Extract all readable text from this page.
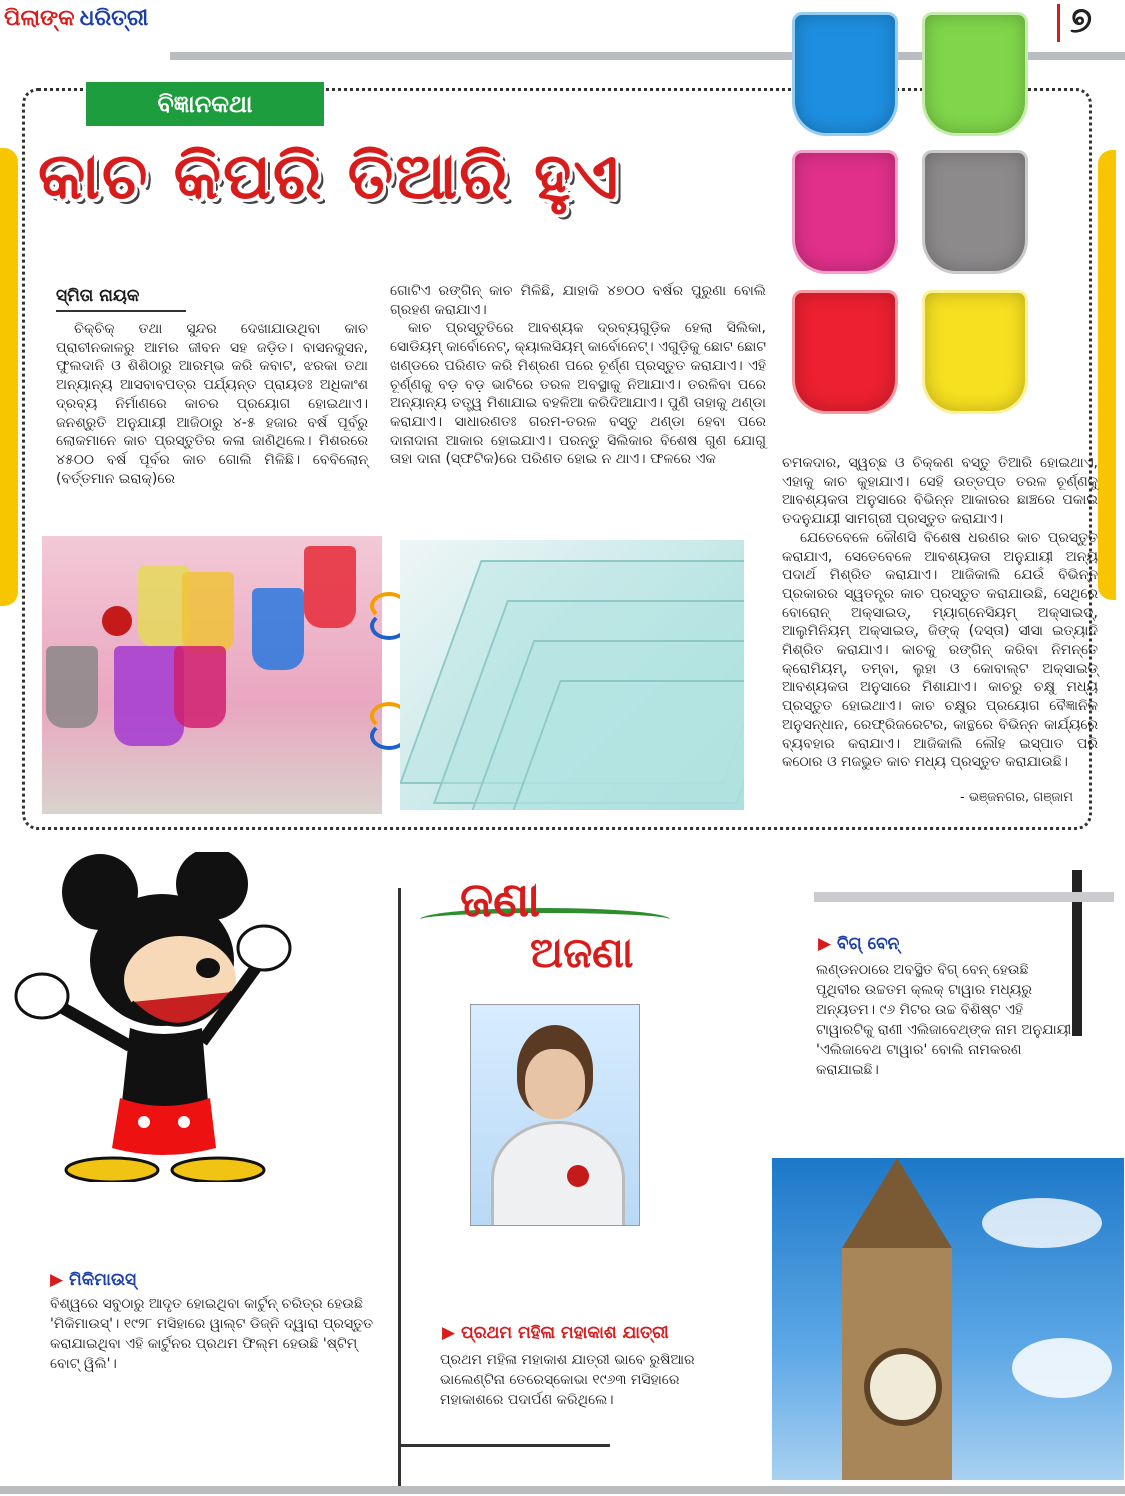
ପିଲାଙ୍କ ଧରିତ୍ରୀ	୭
ବିଜ୍ଞାନକଥା
କାଚ କିପରି ତିଆରି ହୁଏ
ସ୍ମିତା ନାୟକ

ଚିକ୍‌ଚିକ୍ ତଥା ସୁନ୍ଦର ଦେଖାଯାଉଥିବା କାଚ ପ୍ରାଚୀନକାଳରୁ ଆମର ଜୀବନ ସହ ଜଡ଼ିତ। ବାସନକୁସନ, ଫୁଲଦାନି ଓ ଶିଶିଠାରୁ ଆରମ୍ଭ କରି କବାଟ, ଝରକା ତଥା ଅନ୍ୟାନ୍ୟ ଆସବାବପତ୍ର ପର୍ଯ୍ୟନ୍ତ ପ୍ରାୟତଃ ଅଧିକାଂଶ ଦ୍ରବ୍ୟ ନିର୍ମାଣରେ କାଚର ପ୍ରୟୋଗ ହୋଇଥାଏ। ଜନଶ୍ରୁତି ଅନୁଯାୟୀ ଆଜିଠାରୁ ୪-୫ ହଜାର ବର୍ଷ ପୂର୍ବରୁ ଲୋକମାନେ କାଚ ପ୍ରସ୍ତୁତିର କଳା ଜାଣିଥିଲେ। ମିଶରରେ ୪୫୦୦ ବର୍ଷ ପୂର୍ବର କାଚ ଗୋଲି ମିଳିଛି। ବେବିଲୋନ୍ (ବର୍ତ୍ତମାନ ଇରାକ୍)ରେ

ଗୋଟିଏ ରଙ୍ଗିନ୍ କାଚ ମିଳିଛି, ଯାହାକି ୪୭୦୦ ବର୍ଷର ପୁରୁଣା ବୋଲି ଗ୍ରହଣ କରାଯାଏ।

କାଚ ପ୍ରସ୍ତୁତିରେ ଆବଶ୍ୟକ ଦ୍ରବ୍ୟଗୁଡ଼ିକ ହେଲା ସିଲିକା, ସୋଡିୟମ୍ କାର୍ବୋନେଟ୍, କ୍ୟାଲସିୟମ୍ କାର୍ବୋନେଟ୍। ଏଗୁଡ଼ିକୁ ଛୋଟ ଛୋଟ ଖଣ୍ଡରେ ପରିଣତ କରି ମିଶ୍ରଣ ପରେ ଚୂର୍ଣ୍ଣ ପ୍ରସ୍ତୁତ କରାଯାଏ। ଏହି ଚୂର୍ଣ୍ଣକୁ ବଡ଼ ବଡ଼ ଭାଟିରେ ତରଳ ଅବସ୍ଥାକୁ ନିଆଯାଏ। ତରଳିବା ପରେ ଅନ୍ୟାନ୍ୟ ତତ୍ତ୍ୱ ମିଶାଯାଇ ବହଳିଆ କରିଦିଆଯାଏ। ପୁଣି ତାହାକୁ ଥଣ୍ଡା କରାଯାଏ। ସାଧାରଣତଃ ଗରମ-ତରଳ ବସ୍ତୁ ଥଣ୍ଡା ହେବା ପରେ ଦାନାଦାନା ଆକାର ହୋଇଯାଏ। ପରନ୍ତୁ ସିଲିକାର ବିଶେଷ ଗୁଣ ଯୋଗୁ ତାହା ଦାନା (ସ୍ଫଟିକ)ରେ ପରିଣତ ହୋଇ ନ ଥାଏ। ଫଳରେ ଏକ	ଚମକଦାର, ସ୍ୱଚ୍ଛ ଓ ଚିକ୍କଣ ବସ୍ତୁ ତିଆରି ହୋଇଥାଏ, ଏହାକୁ କାଚ କୁହାଯାଏ। ସେହି ଉତ୍ତପ୍ତ ତରଳ ଚୂର୍ଣ୍ଣକୁ ଆବଶ୍ୟକତା ଅନୁସାରେ ବିଭିନ୍ନ ଆକାରର ଛାଞ୍ଚରେ ପକାଇ ତଦନୁଯାୟୀ ସାମଗ୍ରୀ ପ୍ରସ୍ତୁତ କରାଯାଏ।

ଯେତେବେଳେ କୌଣସି ବିଶେଷ ଧରଣର କାଚ ପ୍ରସ୍ତୁତ କରାଯାଏ, ସେତେବେଳେ ଆବଶ୍ୟକତା ଅନୁଯାୟୀ ଅନ୍ୟ ପଦାର୍ଥ ମିଶ୍ରିତ କରାଯାଏ। ଆଜିକାଲି ଯେଉଁ ବିଭିନ୍ନ ପ୍ରକାରର ସ୍ୱତନ୍ତ୍ର କାଚ ପ୍ରସ୍ତୁତ କରାଯାଉଛି, ସେଥିରେ ବୋରୋନ୍ ଅକ୍ସାଇଡ୍, ମ୍ୟାଗ୍ନେସିୟମ୍ ଅକ୍ସାଇଡ୍, ଆଲୁମିନିୟମ୍ ଅକ୍ସାଇଡ୍, ଜିଙ୍କ୍ (ଦସ୍ତା) ସୀସା ଇତ୍ୟାଦି ମିଶ୍ରିତ କରାଯାଏ। କାଚକୁ ରଙ୍ଗିନ୍ କରିବା ନିମନ୍ତେ କ୍ରୋମିୟମ୍, ତମ୍ବା, ଲୁହା ଓ କୋବାଲ୍ଟ ଅକ୍ସାଇଡ୍ ଆବଶ୍ୟକତା ଅନୁସାରେ ମିଶାଯାଏ। କାଚରୁ ଚକ୍ଷୁ ମଧ୍ୟ ପ୍ରସ୍ତୁତ ହୋଇଥାଏ। କାଚ ଚକ୍ଷୁର ପ୍ରୟୋଗ ବୈଜ୍ଞାନିକ ଅନୁସନ୍ଧାନ, ରେଫ୍ରିଜରେଟର, କାନ୍ଥରେ ବିଭିନ୍ନ କାର୍ଯ୍ୟରେ ବ୍ୟବହାର କରାଯାଏ। ଆଜିକାଲି ଲୌହ ଇସ୍ପାତ ପରି କଠୋର ଓ ମଜଭୁତ କାଚ ମଧ୍ୟ ପ୍ରସ୍ତୁତ କରାଯାଉଛି।

- ଭଞ୍ଜନଗର, ଗଞ୍ଜାମ
▶ ମିକିମାଉସ୍
ବିଶ୍ୱରେ ସବୁଠାରୁ ଆଦୃତ ହୋଇଥିବା କାର୍ଟୁନ୍ ଚରିତ୍ର ହେଉଛି 'ମିକିମାଉସ୍'। ୧୯୨୮ ମସିହାରେ ୱାଲ୍ଟ ଡିଜ୍‌ନି ଦ୍ୱାରା ପ୍ରସ୍ତୁତ କରାଯାଇଥିବା ଏହି କାର୍ଟୁନର ପ୍ରଥମ ଫିଲ୍ମ ହେଉଛି 'ଷ୍ଟିମ୍ ବୋଟ୍ ୱିଲି'।
ଜଣା
ଅଜଣା
▶ ପ୍ରଥମ ମହିଳା ମହାକାଶ ଯାତ୍ରୀ
ପ୍ରଥମ ମହିଳା ମହାକାଶ ଯାତ୍ରୀ ଭାବେ ରୁଷିଆର ଭାଲେଣ୍ଟିନା ତେରେସ୍କୋଭା ୧୯୬୩ ମସିହାରେ ମହାକାଶରେ ପଦାର୍ପଣ କରିଥିଲେ।
▶ ବିଗ୍ ବେନ୍
ଲଣ୍ଡନଠାରେ ଅବସ୍ଥିତ ବିଗ୍ ବେନ୍ ହେଉଛି ପୃଥିବୀର ଉଚ୍ଚତମ କ୍ଲକ୍ ଟାୱାର ମଧ୍ୟରୁ ଅନ୍ୟତମ। ୯୬ ମିଟର ଉଚ୍ଚ ବିଶିଷ୍ଟ ଏହି ଟାୱାରଟିକୁ ରାଣୀ ଏଲିଜାବେଥ୍‌ଙ୍କ ନାମ ଅନୁଯାୟୀ 'ଏଲିଜାବେଥ ଟାୱାର' ବୋଲି ନାମକରଣ କରାଯାଇଛି।
